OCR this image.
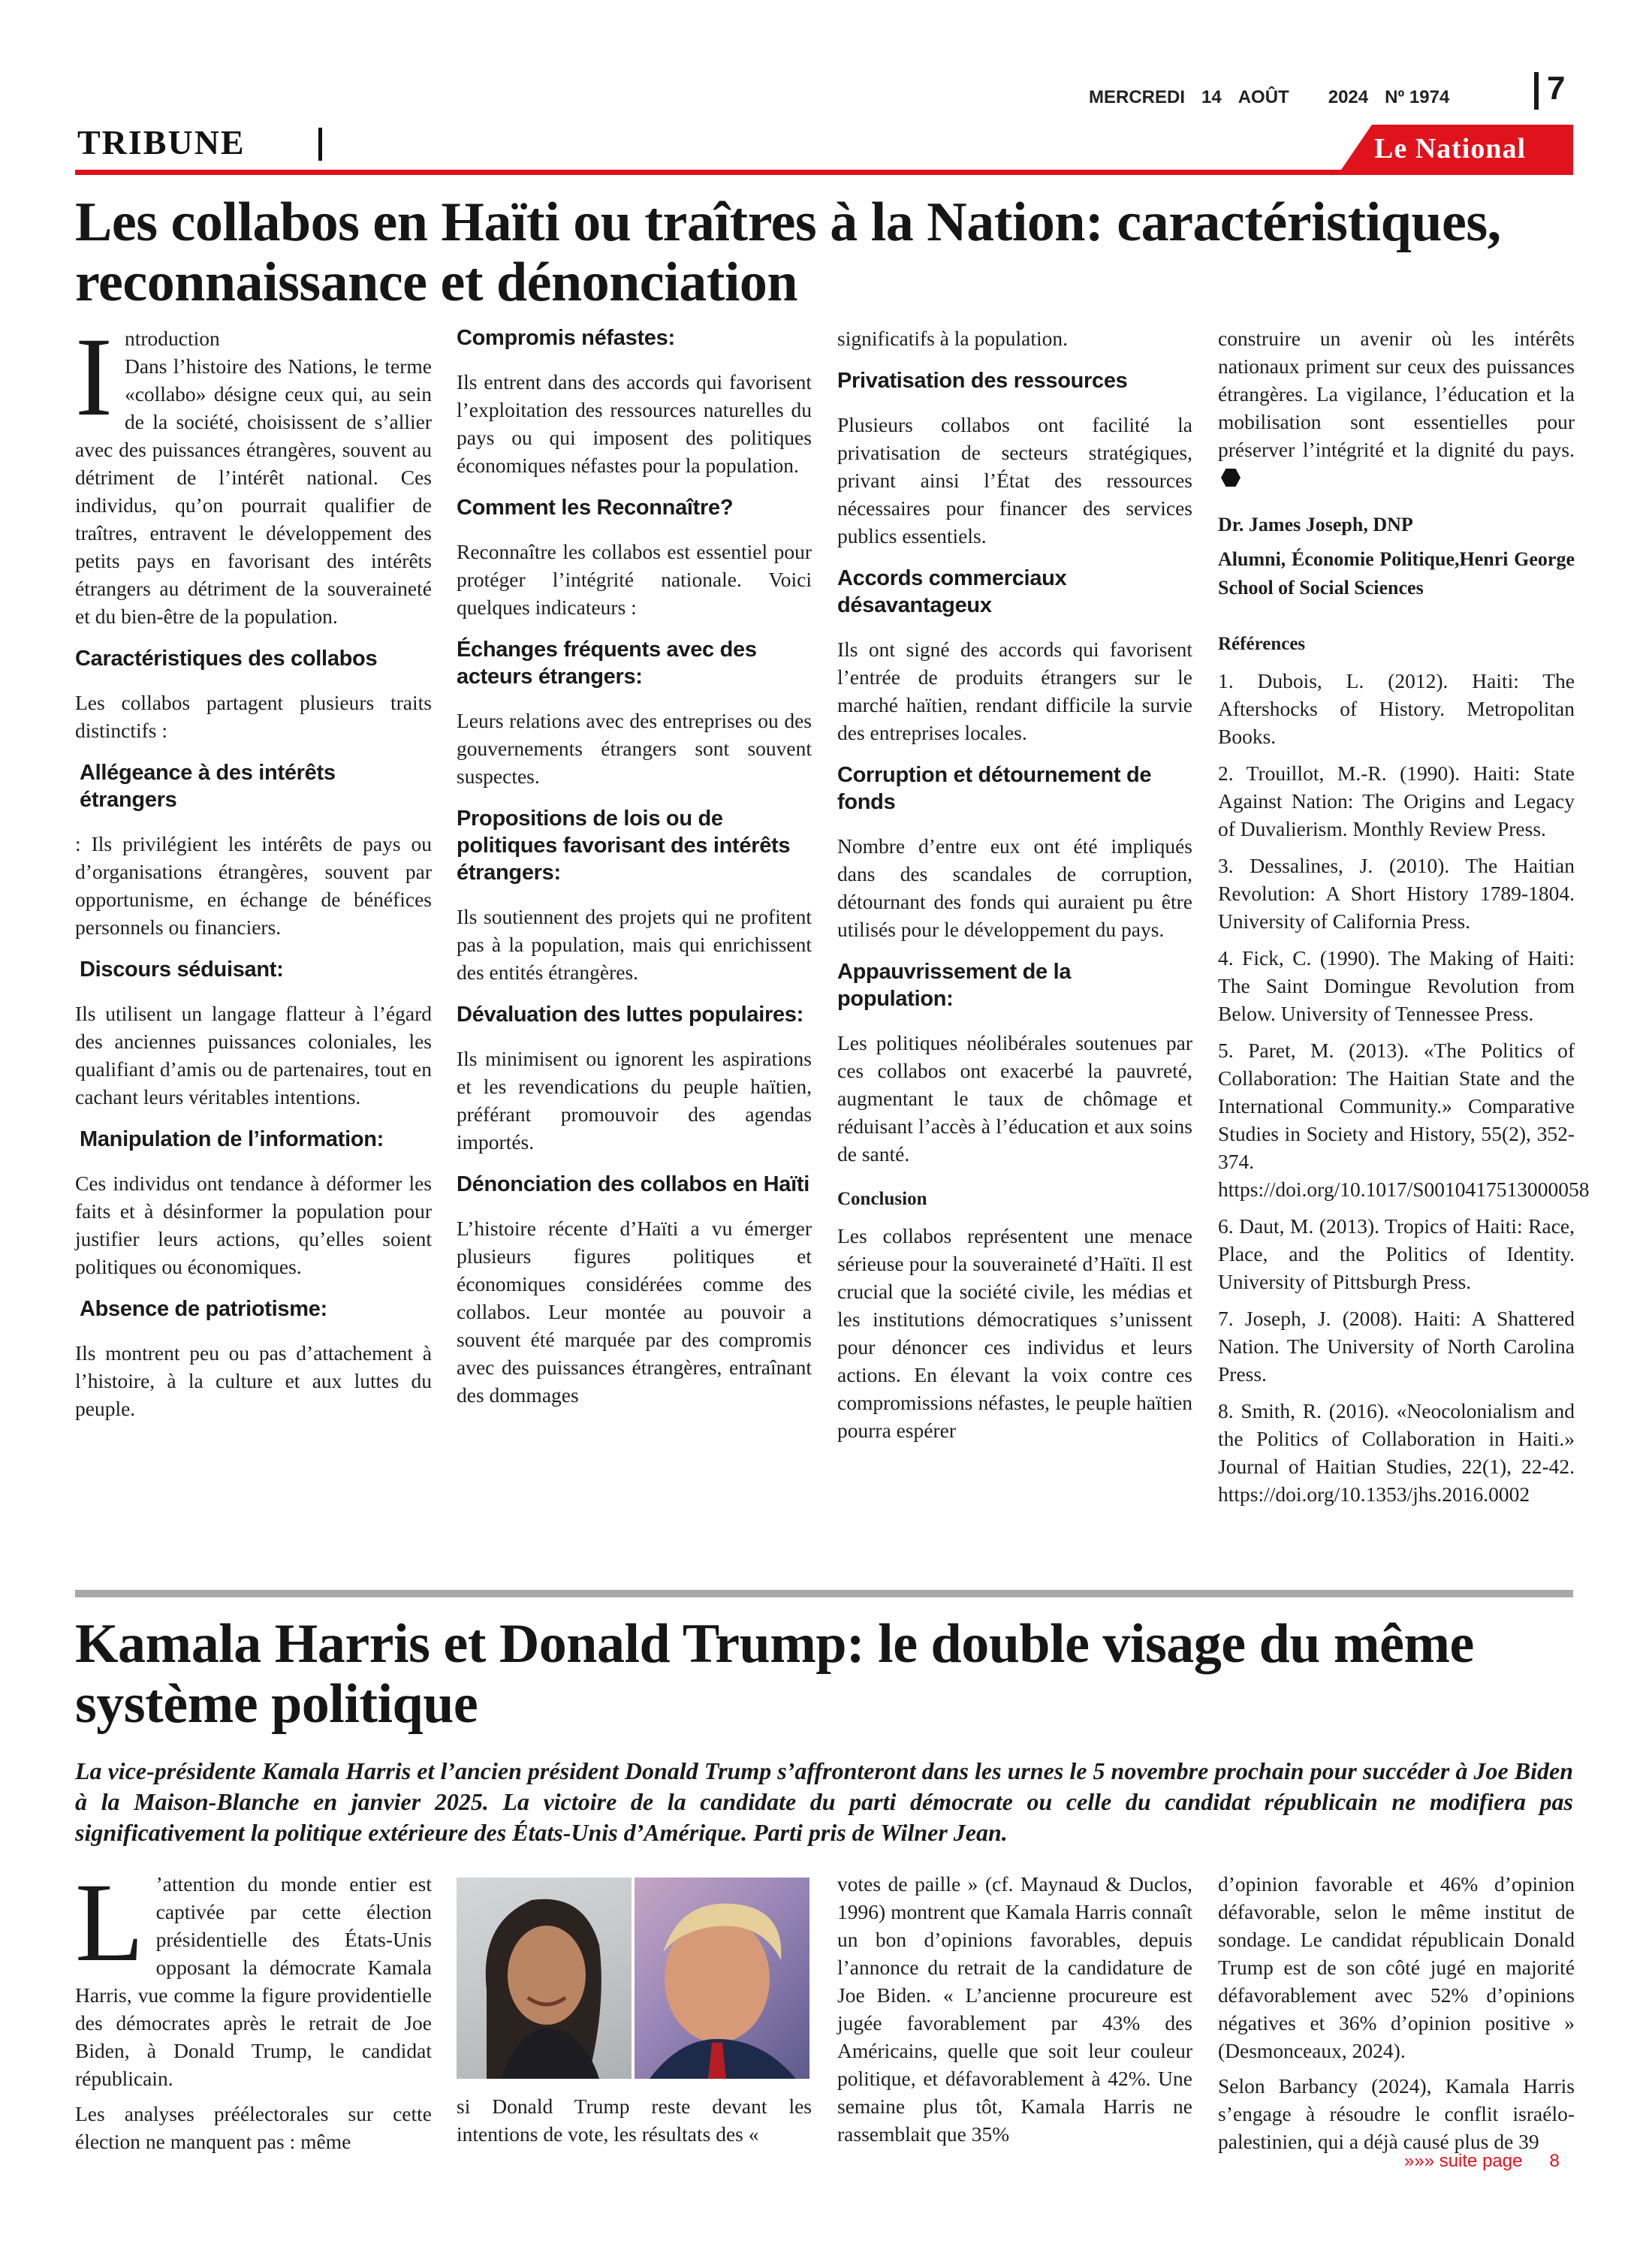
MERCREDI 14 AOÛT 2024 Nº 1974	7
TRIBUNE	Le National
Les collabos en Haïti ou traîtres à la Nation: caractéristiques, reconnaissance et dénonciation

I ntroduction
Dans l’histoire des Nations, le terme «collabo» désigne ceux qui, au sein de la société, choisissent de s’allier avec des puissances étrangères, souvent au détriment de l’intérêt national. Ces individus, qu’on pourrait qualifier de traîtres, entravent le développement des petits pays en favorisant des intérêts étrangers au détriment de la souveraineté et du bien-être de la population.

Caractéristiques des collabos

Les collabos partagent plusieurs traits distinctifs :

Allégeance à des intérêts étrangers

: Ils privilégient les intérêts de pays ou d’organisations étrangères, souvent par opportunisme, en échange de bénéfices personnels ou financiers.

Discours séduisant:

Ils utilisent un langage flatteur à l’égard des anciennes puissances coloniales, les qualifiant d’amis ou de partenaires, tout en cachant leurs véritables intentions.

Manipulation de l’information:

Ces individus ont tendance à déformer les faits et à désinformer la population pour justifier leurs actions, qu’elles soient politiques ou économiques.

Absence de patriotisme:

Ils montrent peu ou pas d’attachement à l’histoire, à la culture et aux luttes du peuple.

Compromis néfastes:

Ils entrent dans des accords qui favorisent l’exploitation des ressources naturelles du pays ou qui imposent des politiques économiques néfastes pour la population.

Comment les Reconnaître?

Reconnaître les collabos est essentiel pour protéger l’intégrité nationale. Voici quelques indicateurs :

Échanges fréquents avec des acteurs étrangers:

Leurs relations avec des entreprises ou des gouvernements étrangers sont souvent suspectes.

Propositions de lois ou de politiques favorisant des intérêts étrangers:

Ils soutiennent des projets qui ne profitent pas à la population, mais qui enrichissent des entités étrangères.

Dévaluation des luttes populaires:

Ils minimisent ou ignorent les aspirations et les revendications du peuple haïtien, préférant promouvoir des agendas importés.

Dénonciation des collabos en Haïti

L’histoire récente d’Haïti a vu émerger plusieurs figures politiques et économiques considérées comme des collabos. Leur montée au pouvoir a souvent été marquée par des compromis avec des puissances étrangères, entraînant des dommages

significatifs à la population.

Privatisation des ressources

Plusieurs collabos ont facilité la privatisation de secteurs stratégiques, privant ainsi l’État des ressources nécessaires pour financer des services publics essentiels.

Accords commerciaux désavantageux

Ils ont signé des accords qui favorisent l’entrée de produits étrangers sur le marché haïtien, rendant difficile la survie des entreprises locales.

Corruption et détournement de fonds

Nombre d’entre eux ont été impliqués dans des scandales de corruption, détournant des fonds qui auraient pu être utilisés pour le développement du pays.

Appauvrissement de la population:

Les politiques néolibérales soutenues par ces collabos ont exacerbé la pauvreté, augmentant le taux de chômage et réduisant l’accès à l’éducation et aux soins de santé.

Conclusion

Les collabos représentent une menace sérieuse pour la souveraineté d’Haïti. Il est crucial que la société civile, les médias et les institutions démocratiques s’unissent pour dénoncer ces individus et leurs actions. En élevant la voix contre ces compromissions néfastes, le peuple haïtien pourra espérer

construire un avenir où les intérêts nationaux priment sur ceux des puissances étrangères. La vigilance, l’éducation et la mobilisation sont essentielles pour préserver l’intégrité et la dignité du pays.

Dr. James Joseph, DNP

Alumni, Économie Politique,Henri George School of Social Sciences

Références

1. Dubois, L. (2012). Haiti: The Aftershocks of History. Metropolitan Books.

2. Trouillot, M.-R. (1990). Haiti: State Against Nation: The Origins and Legacy of Duvalierism. Monthly Review Press.

3. Dessalines, J. (2010). The Haitian Revolution: A Short History 1789-1804. University of California Press.

4. Fick, C. (1990). The Making of Haiti: The Saint Domingue Revolution from Below. University of Tennessee Press.

5. Paret, M. (2013). «The Politics of Collaboration: The Haitian State and the International Community.» Comparative Studies in Society and History, 55(2), 352-374. https://doi.org/10.1017/S0010417513000058

6. Daut, M. (2013). Tropics of Haiti: Race, Place, and the Politics of Identity. University of Pittsburgh Press.

7. Joseph, J. (2008). Haiti: A Shattered Nation. The University of North Carolina Press.

8. Smith, R. (2016). «Neocolonialism and the Politics of Collaboration in Haiti.» Journal of Haitian Studies, 22(1), 22-42. https://doi.org/10.1353/jhs.2016.0002

Kamala Harris et Donald Trump: le double visage du même système politique
La vice-présidente Kamala Harris et l’ancien président Donald Trump s’affronteront dans les urnes le 5 novembre prochain pour succéder à Joe Biden à la Maison-Blanche en janvier 2025. La victoire de la candidate du parti démocrate ou celle du candidat républicain ne modifiera pas significativement la politique extérieure des États-Unis d’Amérique. Parti pris de Wilner Jean.

L ’attention du monde entier est captivée par cette élection présidentielle des États-Unis opposant la démocrate Kamala Harris, vue comme la figure providentielle des démocrates après le retrait de Joe Biden, à Donald Trump, le candidat républicain.

Les analyses préélectorales sur cette élection ne manquent pas : même

si Donald Trump reste devant les intentions de vote, les résultats des «

votes de paille » (cf. Maynaud & Duclos, 1996) montrent que Kamala Harris connaît un bon d’opinions favorables, depuis l’annonce du retrait de la candidature de Joe Biden. « L’ancienne procureure est jugée favorablement par 43% des Américains, quelle que soit leur couleur politique, et défavorablement à 42%. Une semaine plus tôt, Kamala Harris ne rassemblait que 35%

d’opinion favorable et 46% d’opinion défavorable, selon le même institut de sondage. Le candidat républicain Donald Trump est de son côté jugé en majorité défavorablement avec 52% d’opinions négatives et 36% d’opinion positive » (Desmonceaux, 2024).

Selon Barbancy (2024), Kamala Harris s’engage à résoudre le conflit israélo-palestinien, qui a déjà causé plus de 39

»»» suite page 8
